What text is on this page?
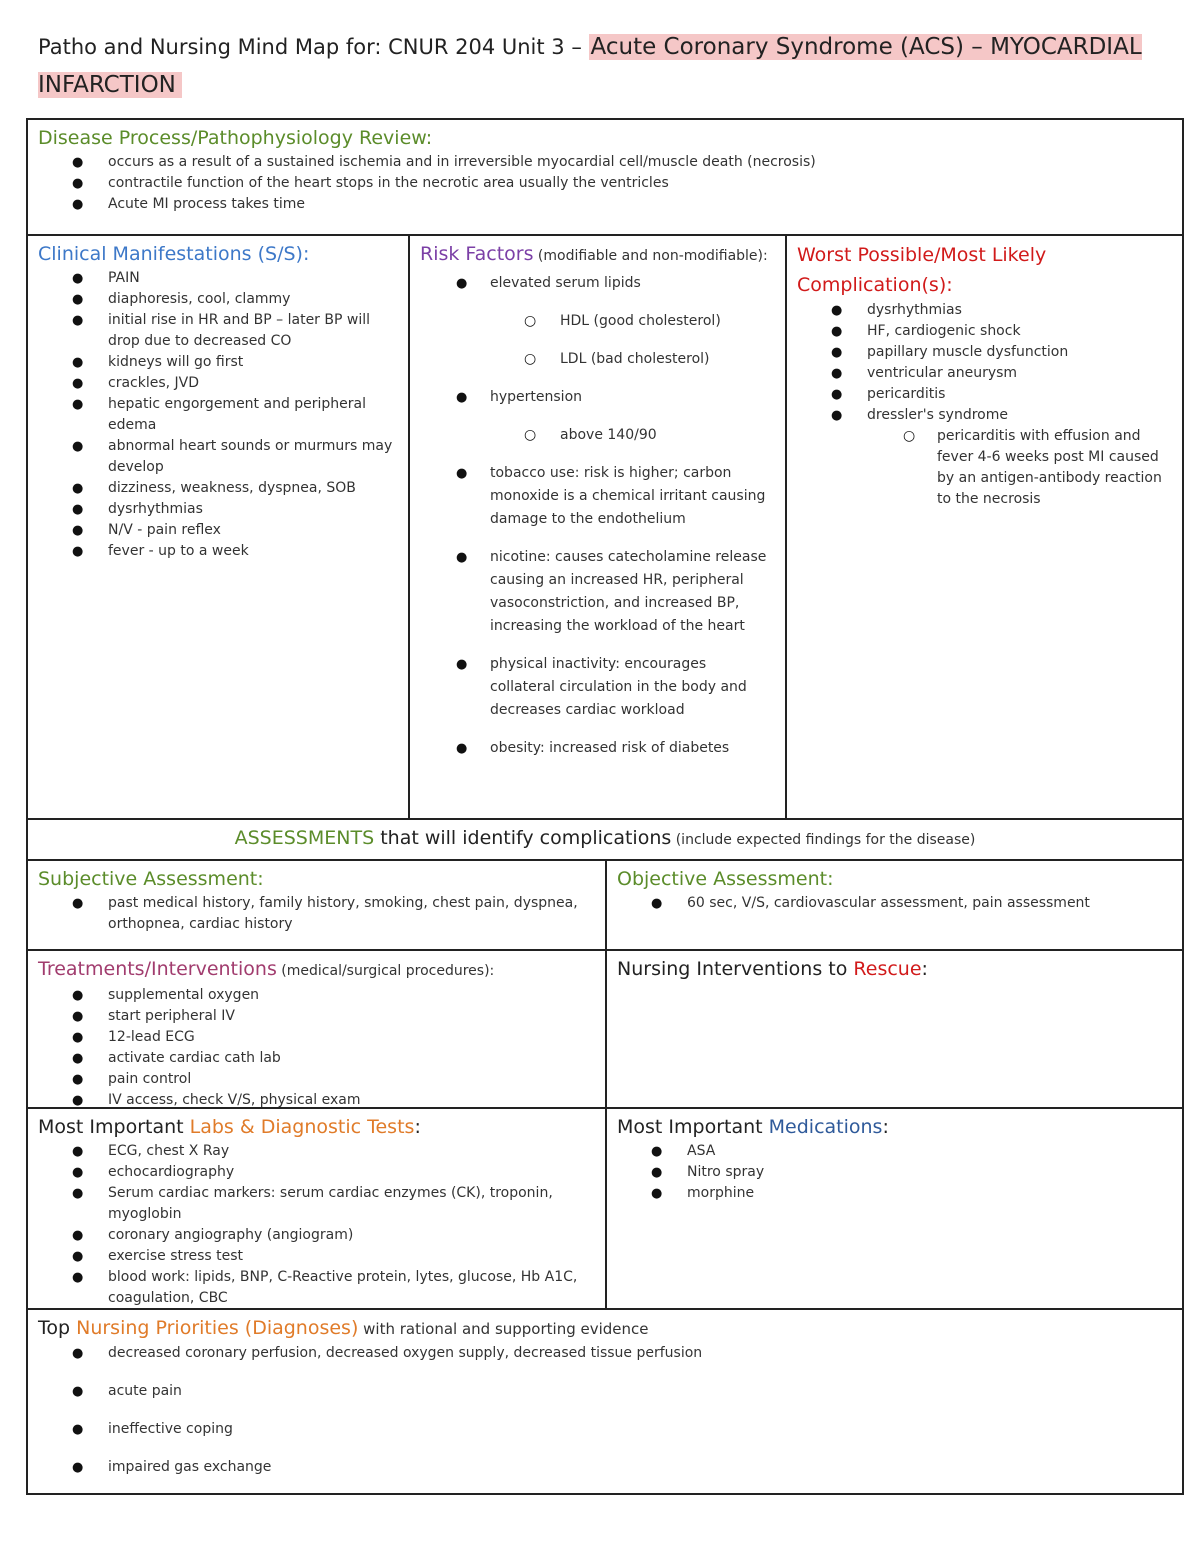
Patho and Nursing Mind Map for: CNUR 204 Unit 3 – Acute Coronary Syndrome (ACS) – MYOCARDIAL INFARCTION
Disease Process/Pathophysiology Review:
● occurs as a result of a sustained ischemia and in irreversible myocardial cell/muscle death (necrosis)
● contractile function of the heart stops in the necrotic area usually the ventricles
● Acute MI process takes time
Clinical Manifestations (S/S):
● PAIN
● diaphoresis, cool, clammy
● initial rise in HR and BP – later BP will drop due to decreased CO
● kidneys will go first
● crackles, JVD
● hepatic engorgement and peripheral edema
● abnormal heart sounds or murmurs may develop
● dizziness, weakness, dyspnea, SOB
● dysrhythmias
● N/V - pain reflex
● fever - up to a week
Risk Factors (modifiable and non-modifiable):
● elevated serum lipids
○ HDL (good cholesterol)
○ LDL (bad cholesterol)
● hypertension
○ above 140/90
● tobacco use: risk is higher; carbon monoxide is a chemical irritant causing damage to the endothelium
● nicotine: causes catecholamine release causing an increased HR, peripheral vasoconstriction, and increased BP, increasing the workload of the heart
● physical inactivity: encourages collateral circulation in the body and decreases cardiac workload
● obesity: increased risk of diabetes
Worst Possible/Most Likely Complication(s):
● dysrhythmias
● HF, cardiogenic shock
● papillary muscle dysfunction
● ventricular aneurysm
● pericarditis
● dressler's syndrome
○ pericarditis with effusion and fever 4-6 weeks post MI caused by an antigen-antibody reaction to the necrosis
ASSESSMENTS that will identify complications (include expected findings for the disease)
Subjective Assessment:
● past medical history, family history, smoking, chest pain, dyspnea, orthopnea, cardiac history
Objective Assessment:
● 60 sec, V/S, cardiovascular assessment, pain assessment
Treatments/Interventions (medical/surgical procedures):
● supplemental oxygen
● start peripheral IV
● 12-lead ECG
● activate cardiac cath lab
● pain control
● IV access, check V/S, physical exam
Nursing Interventions to Rescue:
Most Important Labs & Diagnostic Tests:
● ECG, chest X Ray
● echocardiography
● Serum cardiac markers: serum cardiac enzymes (CK), troponin, myoglobin
● coronary angiography (angiogram)
● exercise stress test
● blood work: lipids, BNP, C-Reactive protein, lytes, glucose, Hb A1C, coagulation, CBC
Most Important Medications:
● ASA
● Nitro spray
● morphine
Top Nursing Priorities (Diagnoses) with rational and supporting evidence
● decreased coronary perfusion, decreased oxygen supply, decreased tissue perfusion
● acute pain
● ineffective coping
● impaired gas exchange
